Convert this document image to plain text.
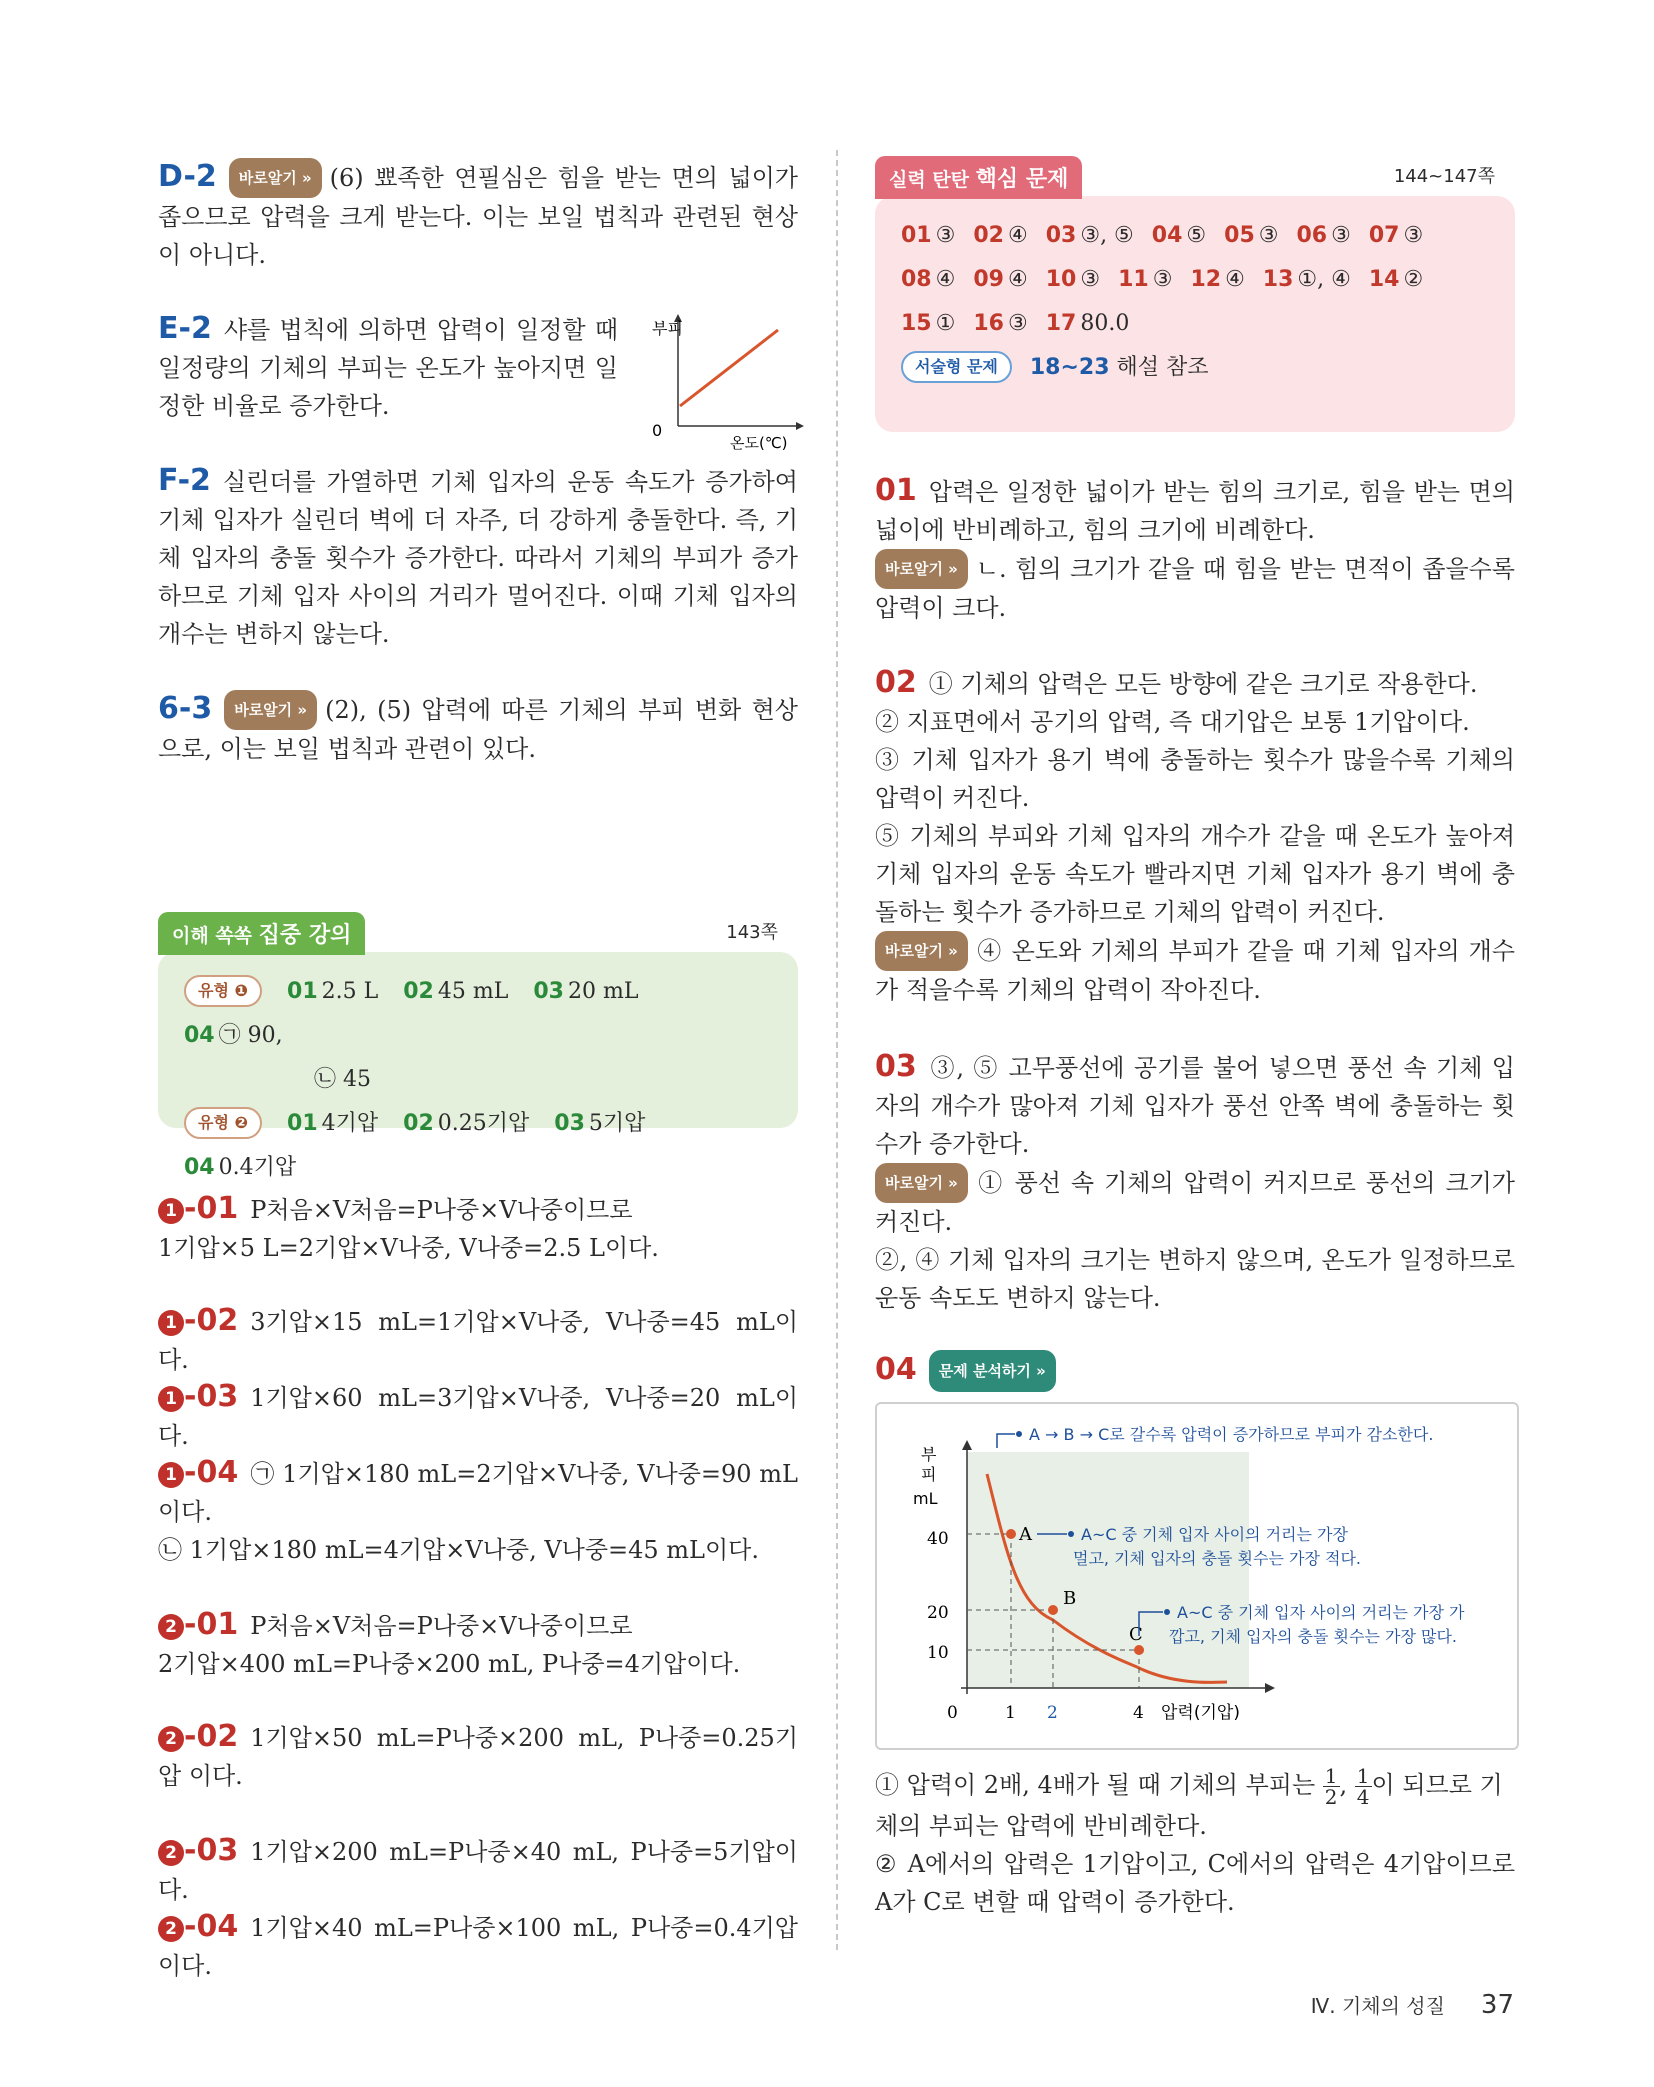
D-2 바로알기 » (6) 뾰족한 연필심은 힘을 받는 면의 넓이가 좁으므로 압력을 크게 받는다. 이는 보일 법칙과 관련된 현상이 아니다.
E-2 샤를 법칙에 의하면 압력이 일정할 때 일정량의 기체의 부피는 온도가 높아지면 일정한 비율로 증가한다.
부피
0
온도(℃)
F-2 실린더를 가열하면 기체 입자의 운동 속도가 증가하여 기체 입자가 실린더 벽에 더 자주, 더 강하게 충돌한다. 즉, 기체 입자의 충돌 횟수가 증가한다. 따라서 기체의 부피가 증가하므로 기체 입자 사이의 거리가 멀어진다. 이때 기체 입자의 개수는 변하지 않는다.
6-3 바로알기 » (2), (5) 압력에 따른 기체의 부피 변화 현상으로, 이는 보일 법칙과 관련이 있다.
이해 쏙쏙 집중 강의	143쪽
유형 ❶ 01 2.5 L 02 45 mL 03 20 mL 04 ㉠ 90,
㉡ 45
유형 ❷ 01 4기압 02 0.25기압 03 5기압 04 0.4기압
1 -01 P처음×V처음=P나중×V나중이므로
1기압×5 L=2기압×V나중, V나중=2.5 L이다.
1 -02 3기압×15 mL=1기압×V나중, V나중=45 mL이다.
1 -03 1기압×60 mL=3기압×V나중, V나중=20 mL이다.
1 -04 ㉠ 1기압×180 mL=2기압×V나중, V나중=90 mL 이다.
㉡ 1기압×180 mL=4기압×V나중, V나중=45 mL이다.
2 -01 P처음×V처음=P나중×V나중이므로
2기압×400 mL=P나중×200 mL, P나중=4기압이다.
2 -02 1기압×50 mL=P나중×200 mL, P나중=0.25기압 이다.
2 -03 1기압×200 mL=P나중×40 mL, P나중=5기압이다.
2 -04 1기압×40 mL=P나중×100 mL, P나중=0.4기압이다.
실력 탄탄 핵심 문제	144~147쪽
01 ③ 02 ④ 03 ③, ⑤ 04 ⑤ 05 ③ 06 ③ 07 ③
08 ④ 09 ④ 10 ③ 11 ③ 12 ④ 13 ①, ④ 14 ②
15 ① 16 ③ 17 80.0
서술형 문제 18~23 해설 참조
01 압력은 일정한 넓이가 받는 힘의 크기로, 힘을 받는 면의 넓이에 반비례하고, 힘의 크기에 비례한다.
바로알기 » ㄴ. 힘의 크기가 같을 때 힘을 받는 면적이 좁을수록 압력이 크다.
02 ① 기체의 압력은 모든 방향에 같은 크기로 작용한다.
② 지표면에서 공기의 압력, 즉 대기압은 보통 1기압이다.
③ 기체 입자가 용기 벽에 충돌하는 횟수가 많을수록 기체의 압력이 커진다.
⑤ 기체의 부피와 기체 입자의 개수가 같을 때 온도가 높아져 기체 입자의 운동 속도가 빨라지면 기체 입자가 용기 벽에 충돌하는 횟수가 증가하므로 기체의 압력이 커진다.
바로알기 » ④ 온도와 기체의 부피가 같을 때 기체 입자의 개수가 적을수록 기체의 압력이 작아진다.
03 ③, ⑤ 고무풍선에 공기를 불어 넣으면 풍선 속 기체 입자의 개수가 많아져 기체 입자가 풍선 안쪽 벽에 충돌하는 횟수가 증가한다.
바로알기 » ① 풍선 속 기체의 압력이 커지므로 풍선의 크기가 커진다.
②, ④ 기체 입자의 크기는 변하지 않으며, 온도가 일정하므로 운동 속도도 변하지 않는다.
04 문제 분석하기 »
A
B
C
40
20
10
0	1 2	4 압력(기압)
부
피
mL
A → B → C로 갈수록 압력이 증가하므로 부피가 감소한다.
A~C 중 기체 입자 사이의 거리는 가장
멀고, 기체 입자의 충돌 횟수는 가장 적다.
A~C 중 기체 입자 사이의 거리는 가장 가
깝고, 기체 입자의 충돌 횟수는 가장 많다.
① 압력이 2배, 4배가 될 때 기체의 부피는 $\frac{1}{2}$, $\frac{1}{4}$이 되므로 기
체의 부피는 압력에 반비례한다.
② A에서의 압력은 1기압이고, C에서의 압력은 4기압이므로 A가 C로 변할 때 압력이 증가한다.
Ⅳ. 기체의 성질 37
